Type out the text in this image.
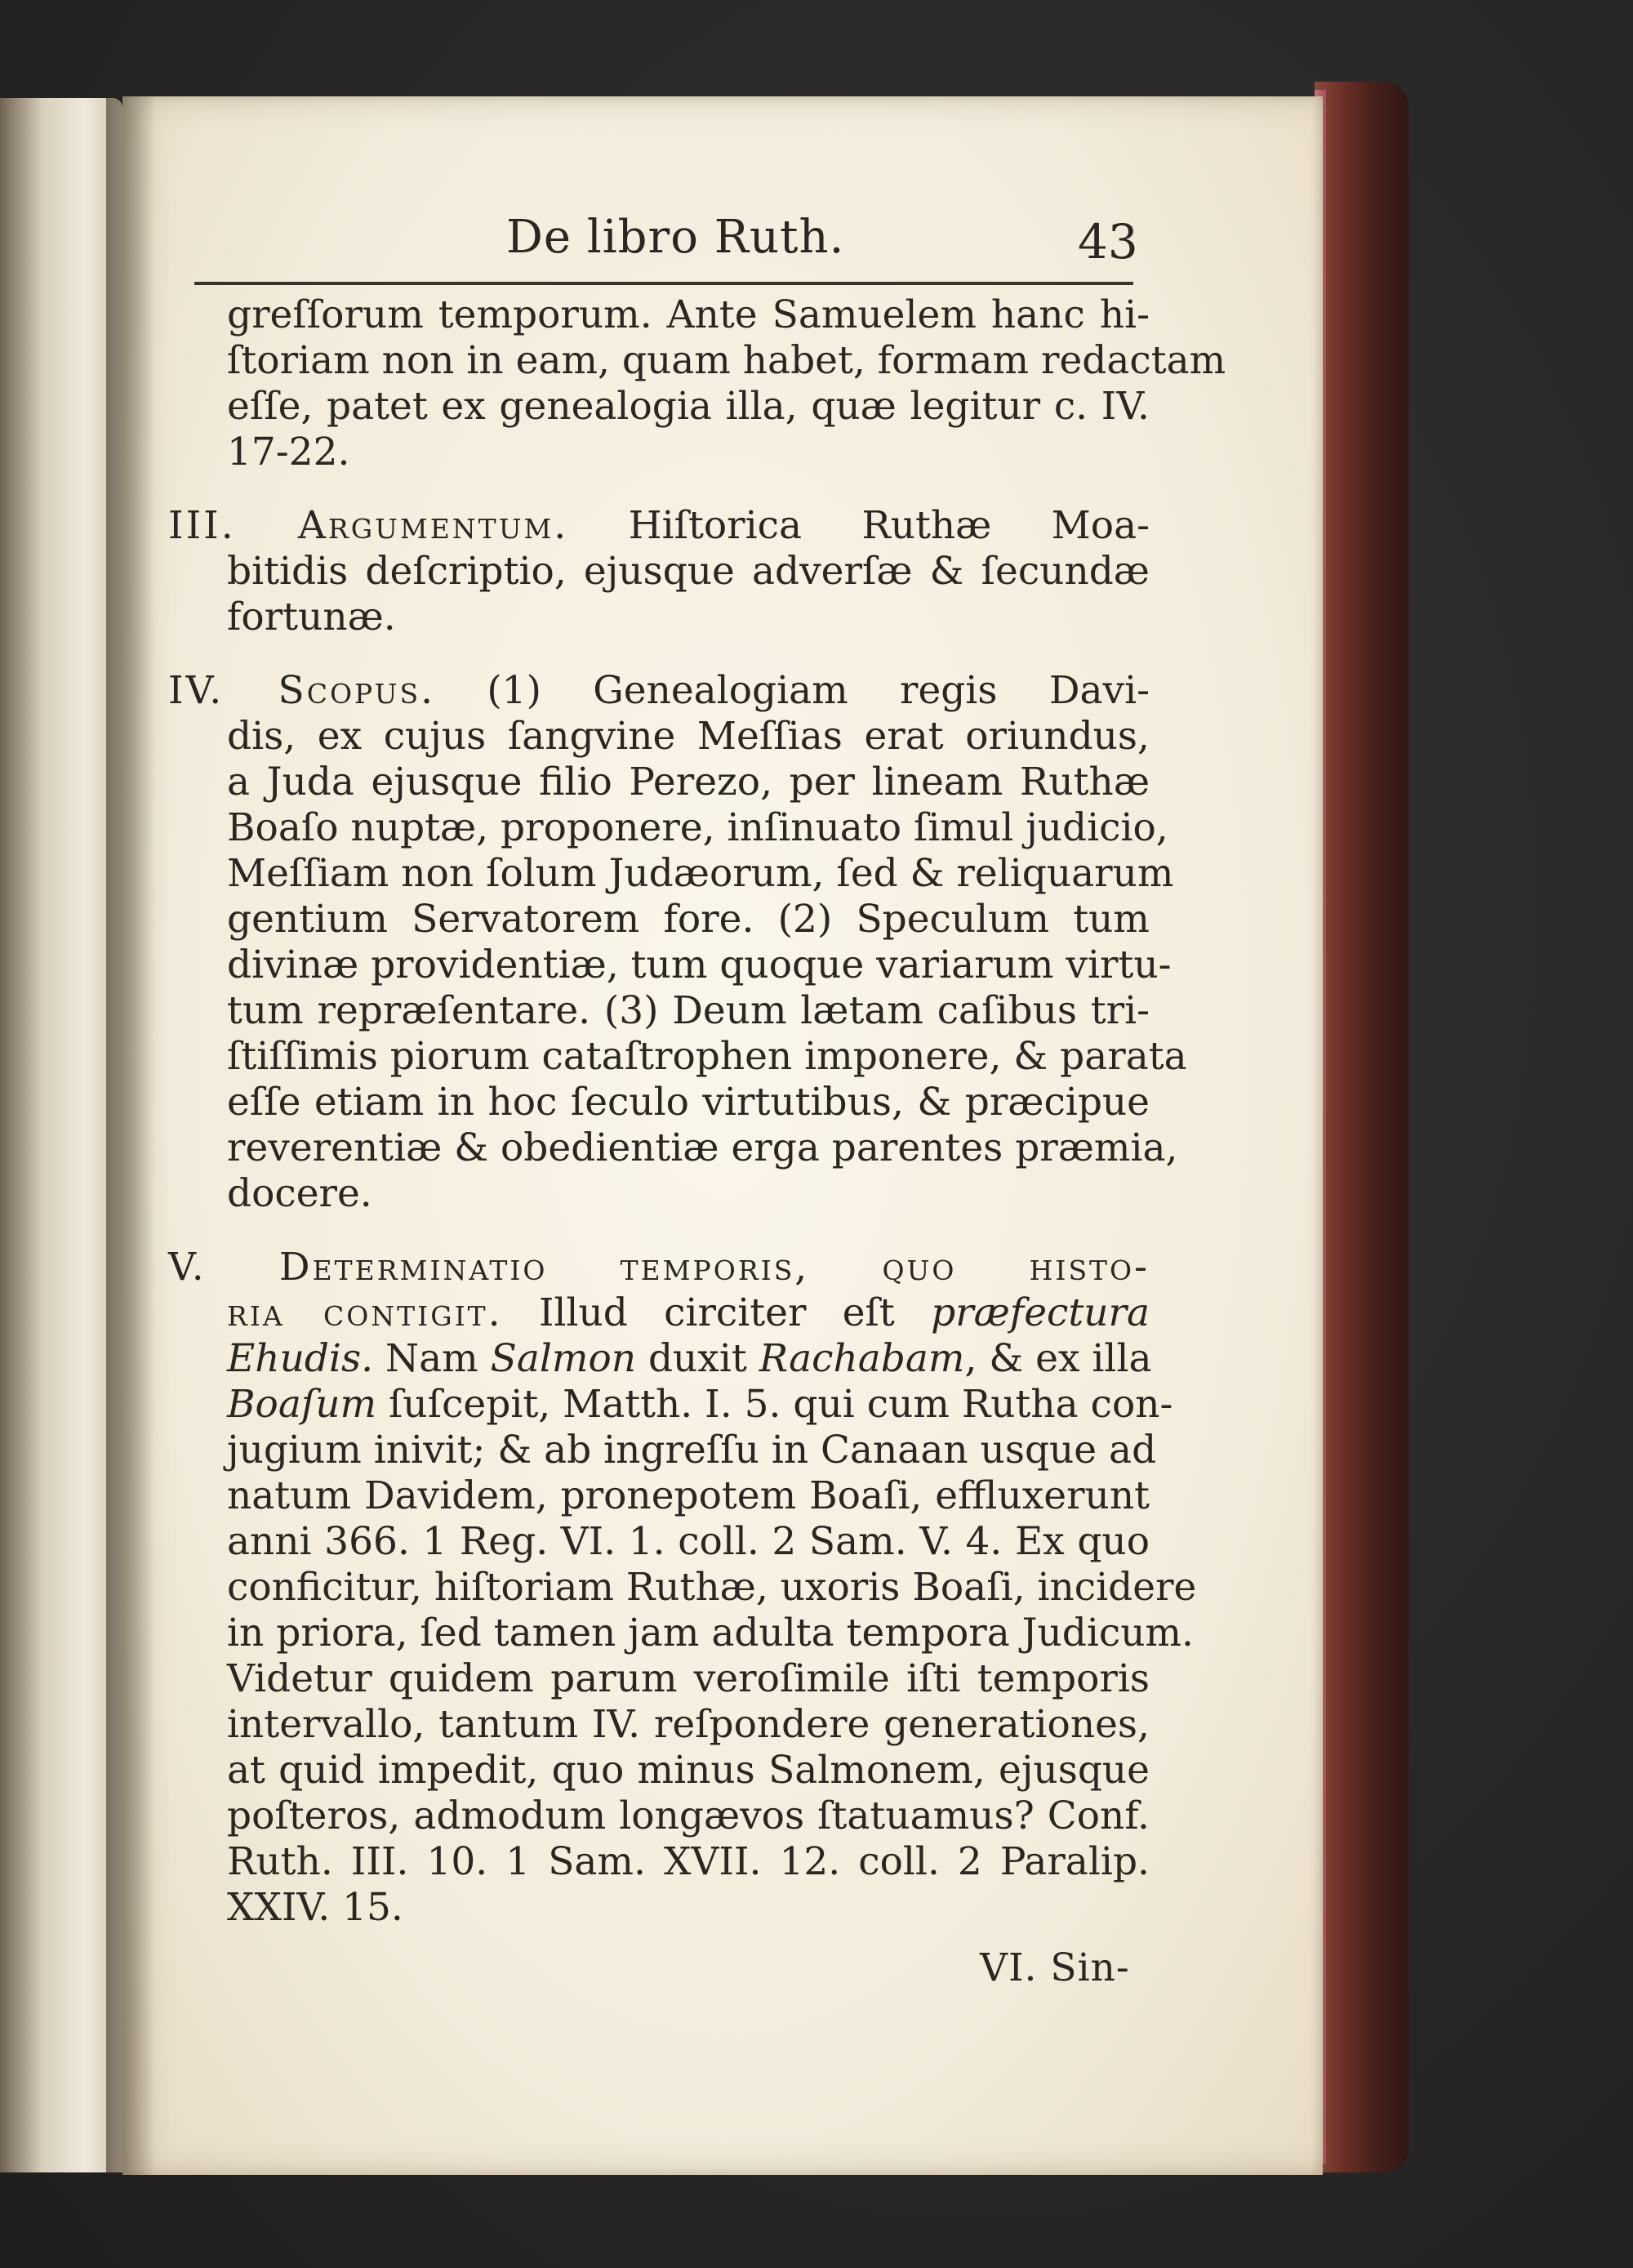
De libro Ruth.	43
greſſorum temporum. Ante Samuelem hanc hi-
ſtoriam non in eam, quam habet, formam redactam
eſſe, patet ex genealogia illa, quæ legitur c. IV.
17-22.
III. Argumentum. Hiſtorica Ruthæ Moa-
bitidis deſcriptio, ejusque adverſæ & ſecundæ
fortunæ.
IV. Scopus. (1) Genealogiam regis Davi-
dis, ex cujus ſangvine Meſſias erat oriundus,
a Juda ejusque filio Perezo, per lineam Ruthæ
Boaſo nuptæ, proponere, inſinuato ſimul judicio,
Meſſiam non ſolum Judæorum, ſed & reliquarum
gentium Servatorem fore. (2) Speculum tum
divinæ providentiæ, tum quoque variarum virtu-
tum repræſentare. (3) Deum lætam caſibus tri-
ſtiſſimis piorum cataſtrophen imponere, & parata
eſſe etiam in hoc ſeculo virtutibus, & præcipue
reverentiæ & obedientiæ erga parentes præmia,
docere.
V. Determinatio temporis, quo histo-
ria contigit. Illud circiter eſt præfectura
Ehudis. Nam Salmon duxit Rachabam, & ex illa
Boaſum ſuſcepit, Matth. I. 5. qui cum Rutha con-
jugium inivit; & ab ingreſſu in Canaan usque ad
natum Davidem, pronepotem Boaſi, effluxerunt
anni 366. 1 Reg. VI. 1. coll. 2 Sam. V. 4. Ex quo
conficitur, hiſtoriam Ruthæ, uxoris Boaſi, incidere
in priora, ſed tamen jam adulta tempora Judicum.
Videtur quidem parum veroſimile iſti temporis
intervallo, tantum IV. reſpondere generationes,
at quid impedit, quo minus Salmonem, ejusque
poſteros, admodum longævos ſtatuamus? Conf.
Ruth. III. 10. 1 Sam. XVII. 12. coll. 2 Paralip.
XXIV. 15.
VI. Sin-
